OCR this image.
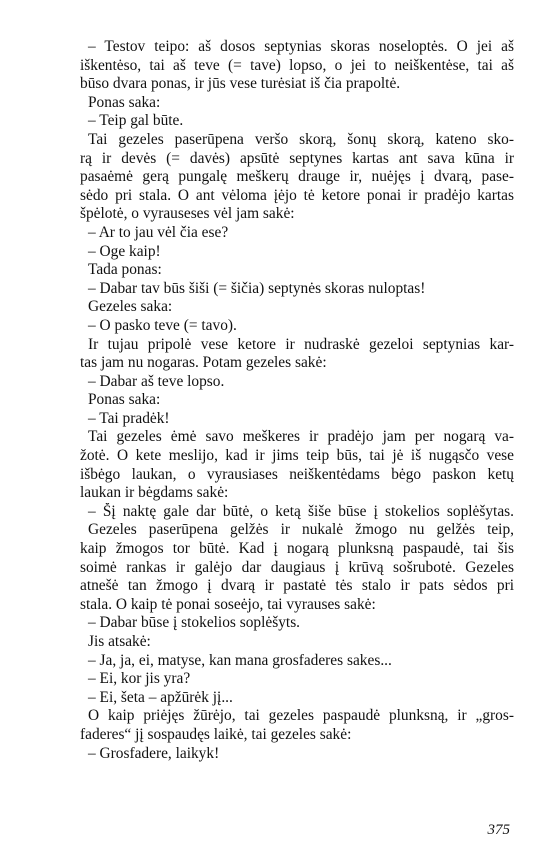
– Testov teipo: aš dosos septynias skoras noseloptės. O jei aš
iškentėso, tai aš teve (= tave) lopso, o jei to neiškentėse, tai aš
būso dvara ponas, ir jūs vese turėsiat iš čia prapoltė.
Ponas saka:
– Teip gal būte.
Tai gezeles paserūpena veršo skorą, šonų skorą, kateno sko-
rą ir devės (= davės) apsūtė septynes kartas ant sava kūna ir
pasaėmė gerą pungalę meškerų drauge ir, nuėjęs į dvarą, pase-
sėdo pri stala. O ant vėloma įėjo tė ketore ponai ir pradėjo kartas
špėlotė, o vyrauseses vėl jam sakė:
– Ar to jau vėl čia ese?
– Oge kaip!
Tada ponas:
– Dabar tav būs šiši (= šičia) septynės skoras nuloptas!
Gezeles saka:
– O pasko teve (= tavo).
Ir tujau pripolė vese ketore ir nudraskė gezeloi septynias kar-
tas jam nu nogaras. Potam gezeles sakė:
– Dabar aš teve lopso.
Ponas saka:
– Tai pradėk!
Tai gezeles ėmė savo meškeres ir pradėjo jam per nogarą va-
žotė. O kete meslijo, kad ir jims teip būs, tai jė iš nugąsčo vese
išbėgo laukan, o vyrausiases neiškentėdams bėgo paskon ketų
laukan ir bėgdams sakė:
– Šį naktę gale dar būtė, o ketą šiše būse į stokelios soplėšytas.
Gezeles paserūpena gelžės ir nukalė žmogo nu gelžės teip,
kaip žmogos tor būtė. Kad į nogarą plunksną paspaudė, tai šis
soimė rankas ir galėjo dar daugiaus į krūvą sošrubotė. Gezeles
atnešė tan žmogo į dvarą ir pastatė tės stalo ir pats sėdos pri
stala. O kaip tė ponai soseėjo, tai vyrauses sakė:
– Dabar būse į stokelios soplėšyts.
Jis atsakė:
– Ja, ja, ei, matyse, kan mana grosfaderes sakes...
– Ei, kor jis yra?
– Ei, šeta – apžūrėk jį...
O kaip priėjęs žūrėjo, tai gezeles paspaudė plunksną, ir „gros-
faderes“ jį sospaudęs laikė, tai gezeles sakė:
– Grosfadere, laikyk!
375
